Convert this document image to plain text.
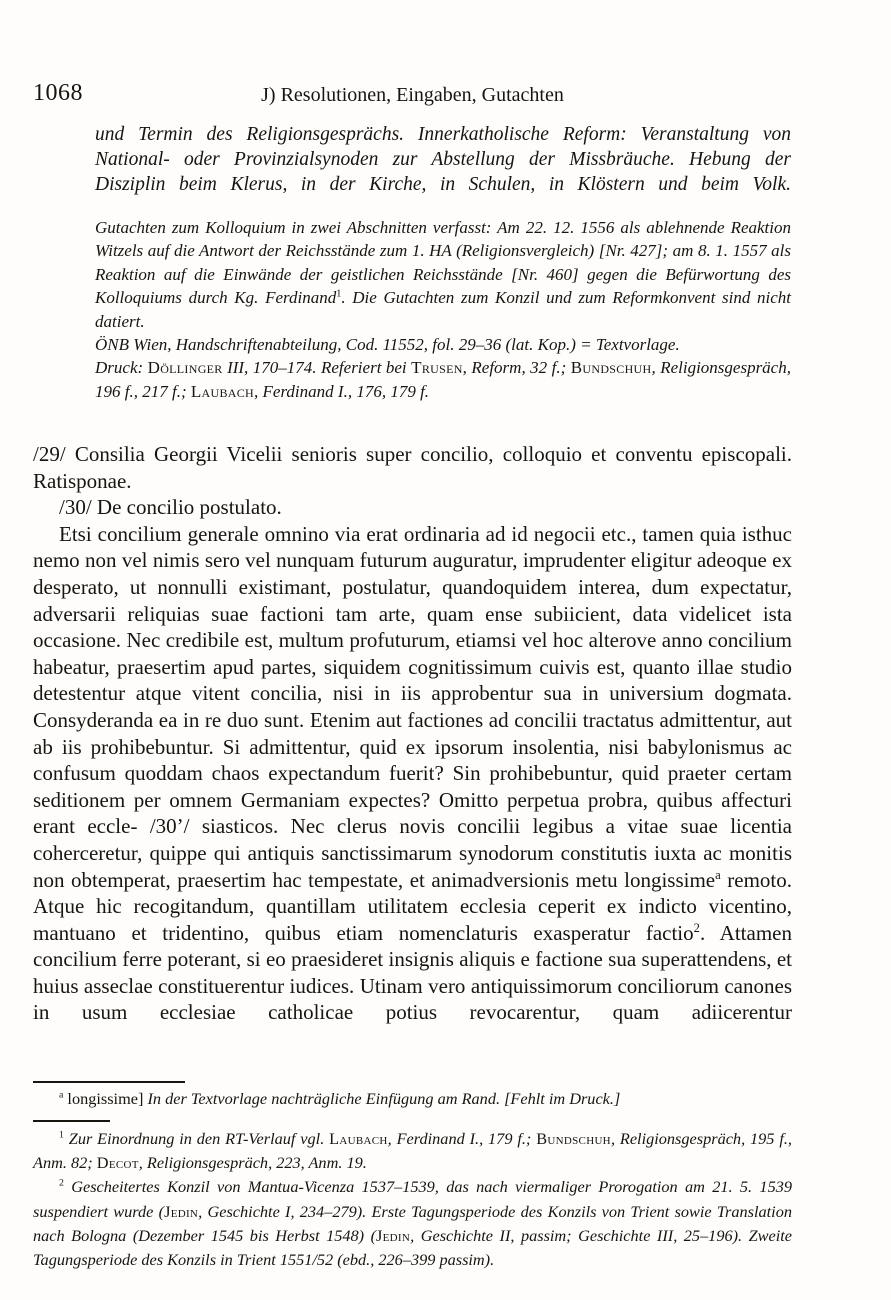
1068	J) Resolutionen, Eingaben, Gutachten
und Termin des Religionsgesprächs. Innerkatholische Reform: Veranstaltung von National- oder Provinzialsynoden zur Abstellung der Missbräuche. Hebung der Disziplin beim Klerus, in der Kirche, in Schulen, in Klöstern und beim Volk.

Gutachten zum Kolloquium in zwei Abschnitten verfasst: Am 22. 12. 1556 als ablehnende Reaktion Witzels auf die Antwort der Reichsstände zum 1. HA (Religionsvergleich) [Nr. 427]; am 8. 1. 1557 als Reaktion auf die Einwände der geistlichen Reichsstände [Nr. 460] gegen die Befürwortung des Kolloquiums durch Kg. Ferdinand$^1$. Die Gutachten zum Konzil und zum Reformkonvent sind nicht datiert.

ÖNB Wien, Handschriftenabteilung, Cod. 11552, fol. 29–36 (lat. Kop.) = Textvorlage.

Druck: Döllinger III, 170–174. Referiert bei Trusen, Reform, 32 f.; Bundschuh, Religionsgespräch, 196 f., 217 f.; Laubach, Ferdinand I., 176, 179 f.

/29/ Consilia Georgii Vicelii senioris super concilio, colloquio et conventu episcopali. Ratisponae.

/30/ De concilio postulato.

Etsi concilium generale omnino via erat ordinaria ad id negocii etc., tamen quia isthuc nemo non vel nimis sero vel nunquam futurum auguratur, imprudenter eligitur adeoque ex desperato, ut nonnulli existimant, postulatur, quandoquidem interea, dum expectatur, adversarii reliquias suae factioni tam arte, quam ense subiicient, data videlicet ista occasione. Nec credibile est, multum profuturum, etiamsi vel hoc alterove anno concilium habeatur, praesertim apud partes, siquidem cognitissimum cuivis est, quanto illae studio detestentur atque vitent concilia, nisi in iis approbentur sua in universium dogmata. Consyderanda ea in re duo sunt. Etenim aut factiones ad concilii tractatus admittentur, aut ab iis prohibebuntur. Si admittentur, quid ex ipsorum insolentia, nisi babylonismus ac confusum quoddam chaos expectandum fuerit? Sin prohibebuntur, quid praeter certam seditionem per omnem Germaniam expectes? Omitto perpetua probra, quibus affecturi erant eccle- /30’/ siasticos. Nec clerus novis concilii legibus a vitae suae licentia coherceretur, quippe qui antiquis sanctissimarum synodorum constitutis iuxta ac monitis non obtemperat, praesertim hac tempestate, et animadversionis metu longissime$^a$ remoto. Atque hic recogitandum, quantillam utilitatem ecclesia ceperit ex indicto vicentino, mantuano et tridentino, quibus etiam nomenclaturis exasperatur factio$^2$. Attamen concilium ferre poterant, si eo praesideret insignis aliquis e factione sua superattendens, et huius asseclae constituerentur iudices. Utinam vero antiquissimorum conciliorum canones in usum ecclesiae catholicae potius revocarentur, quam adiicerentur

$^a$ longissime] In der Textvorlage nachträgliche Einfügung am Rand. [Fehlt im Druck.]

$^1$ Zur Einordnung in den RT-Verlauf vgl. Laubach, Ferdinand I., 179 f.; Bundschuh, Religionsgespräch, 195 f., Anm. 82; Decot, Religionsgespräch, 223, Anm. 19.

$^2$ Gescheitertes Konzil von Mantua-Vicenza 1537–1539, das nach viermaliger Prorogation am 21. 5. 1539 suspendiert wurde (Jedin, Geschichte I, 234–279). Erste Tagungsperiode des Konzils von Trient sowie Translation nach Bologna (Dezember 1545 bis Herbst 1548) (Jedin, Geschichte II, passim; Geschichte III, 25–196). Zweite Tagungsperiode des Konzils in Trient 1551/52 (ebd., 226–399 passim).
